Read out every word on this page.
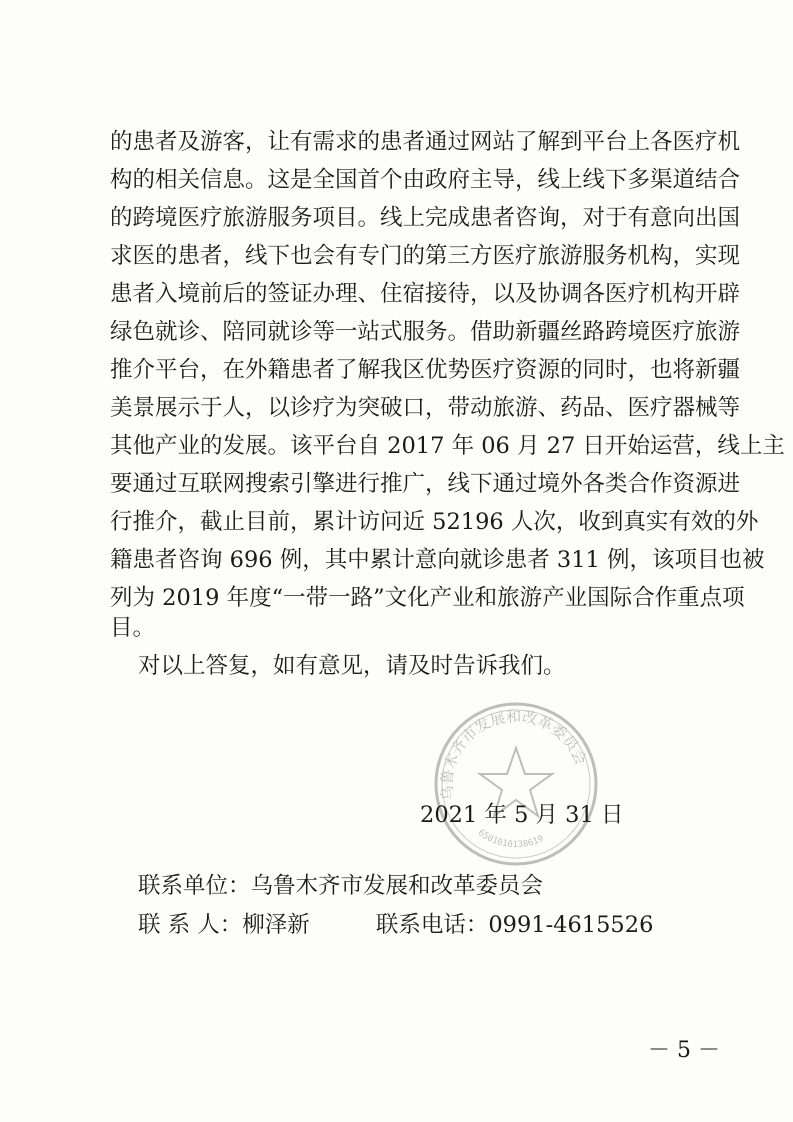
的患者及游客，让有需求的患者通过网站了解到平台上各医疗机
构的相关信息。这是全国首个由政府主导，线上线下多渠道结合
的跨境医疗旅游服务项目。线上完成患者咨询，对于有意向出国
求医的患者，线下也会有专门的第三方医疗旅游服务机构，实现
患者入境前后的签证办理、住宿接待，以及协调各医疗机构开辟
绿色就诊、陪同就诊等一站式服务。借助新疆丝路跨境医疗旅游
推介平台，在外籍患者了解我区优势医疗资源的同时，也将新疆
美景展示于人，以诊疗为突破口，带动旅游、药品、医疗器械等
其他产业的发展。该平台自 2017 年 06 月 27 日开始运营，线上主
要通过互联网搜索引擎进行推广，线下通过境外各类合作资源进
行推介，截止目前，累计访问近 52196 人次，收到真实有效的外
籍患者咨询 696 例，其中累计意向就诊患者 311 例，该项目也被
列为 2019 年度“一带一路”文化产业和旅游产业国际合作重点项
目。
对以上答复，如有意见，请及时告诉我们。
乌鲁木齐市发展和改革委员会
6501010138619
2021 年 5 月 31 日
联系单位：乌鲁木齐市发展和改革委员会
联 系 人：柳泽新	联系电话：0991-4615526
－ 5 －
